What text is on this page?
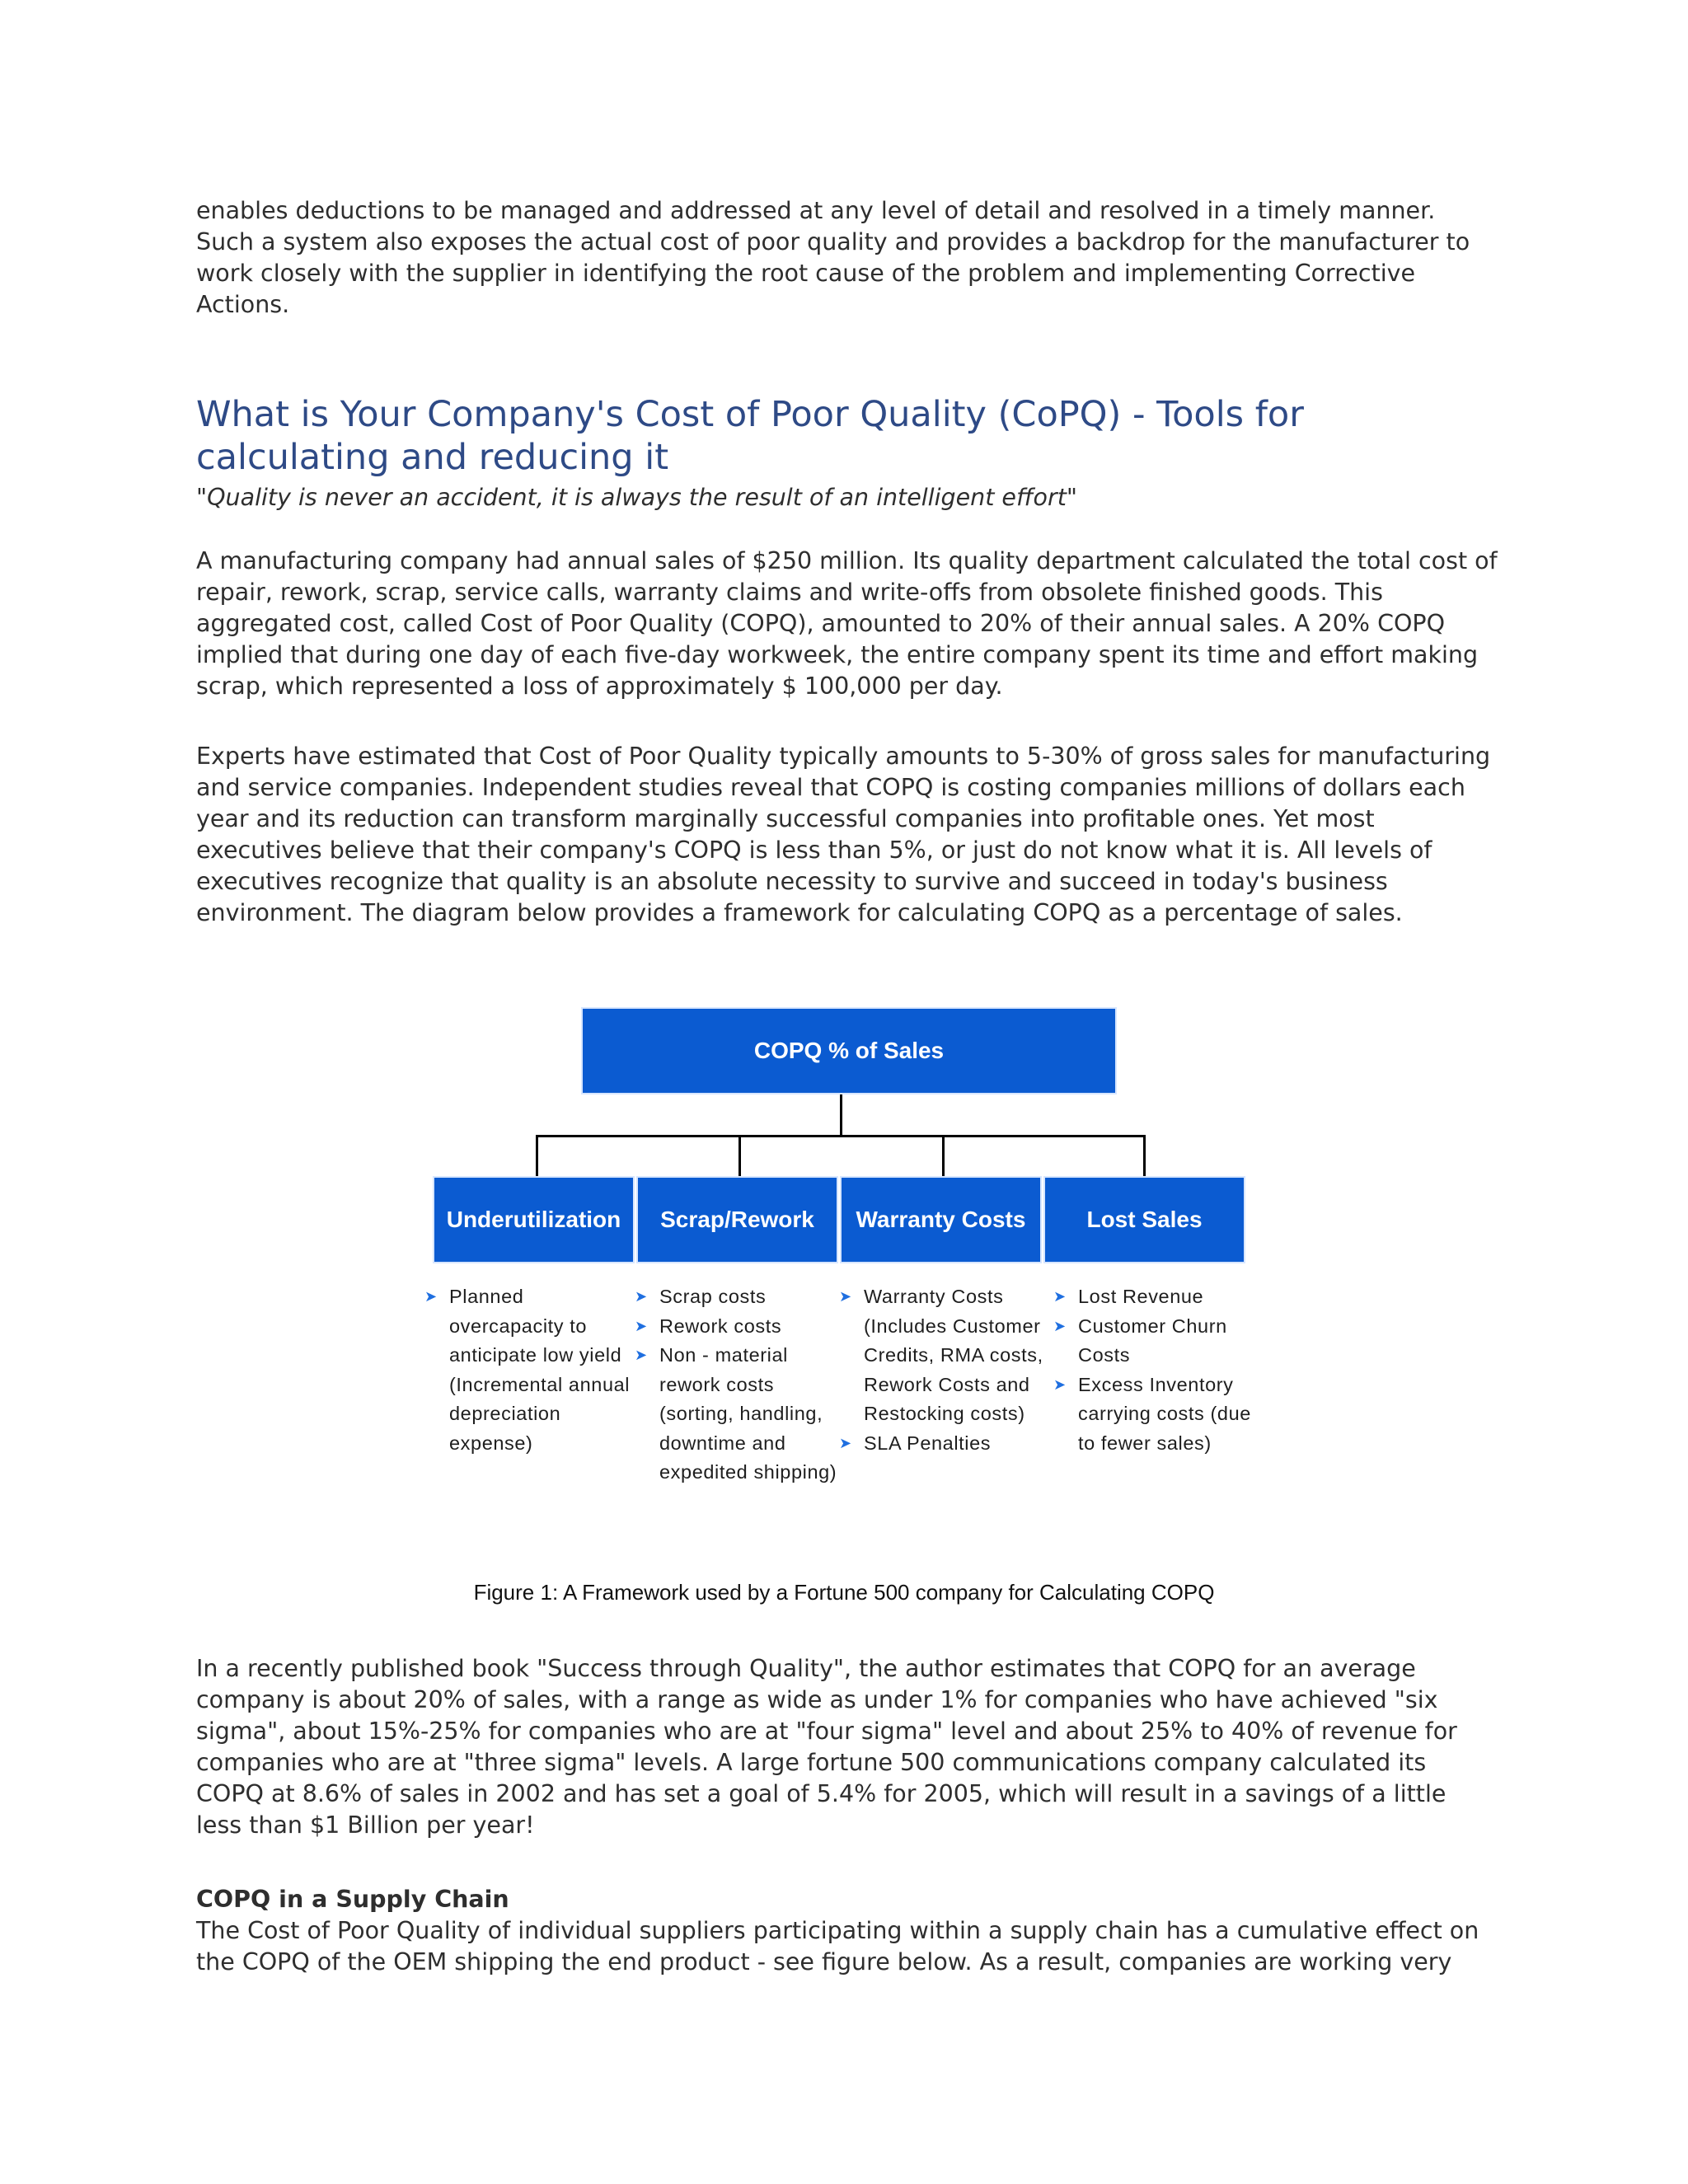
enables deductions to be managed and addressed at any level of detail and resolved in a timely manner. Such a system also exposes the actual cost of poor quality and provides a backdrop for the manufacturer to work closely with the supplier in identifying the root cause of the problem and implementing Corrective Actions.

What is Your Company's Cost of Poor Quality (CoPQ) - Tools for calculating and reducing it

"Quality is never an accident, it is always the result of an intelligent effort"

A manufacturing company had annual sales of $250 million. Its quality department calculated the total cost of repair, rework, scrap, service calls, warranty claims and write-offs from obsolete finished goods. This aggregated cost, called Cost of Poor Quality (COPQ), amounted to 20% of their annual sales. A 20% COPQ implied that during one day of each five-day workweek, the entire company spent its time and effort making scrap, which represented a loss of approximately $ 100,000 per day.

Experts have estimated that Cost of Poor Quality typically amounts to 5-30% of gross sales for manufacturing and service companies. Independent studies reveal that COPQ is costing companies millions of dollars each year and its reduction can transform marginally successful companies into profitable ones. Yet most executives believe that their company's COPQ is less than 5%, or just do not know what it is. All levels of executives recognize that quality is an absolute necessity to survive and succeed in today's business environment. The diagram below provides a framework for calculating COPQ as a percentage of sales.

COPQ % of Sales
Underutilization	Scrap/Rework	Warranty Costs	Lost Sales
➤ Planned overcapacity to anticipate low yield (Incremental annual depreciation expense)
➤ Scrap costs
➤ Rework costs
➤ Non - material rework costs (sorting, handling, downtime and expedited shipping)
➤ Warranty Costs (Includes Customer Credits, RMA costs, Rework Costs and Restocking costs)
➤ SLA Penalties
➤ Lost Revenue
➤ Customer Churn Costs
➤ Excess Inventory carrying costs (due to fewer sales)
Figure 1: A Framework used by a Fortune 500 company for Calculating COPQ

In a recently published book "Success through Quality", the author estimates that COPQ for an average company is about 20% of sales, with a range as wide as under 1% for companies who have achieved "six sigma", about 15%-25% for companies who are at "four sigma" level and about 25% to 40% of revenue for companies who are at "three sigma" levels. A large fortune 500 communications company calculated its COPQ at 8.6% of sales in 2002 and has set a goal of 5.4% for 2005, which will result in a savings of a little less than $1 Billion per year!

COPQ in a Supply Chain

The Cost of Poor Quality of individual suppliers participating within a supply chain has a cumulative effect on the COPQ of the OEM shipping the end product - see figure below. As a result, companies are working very
